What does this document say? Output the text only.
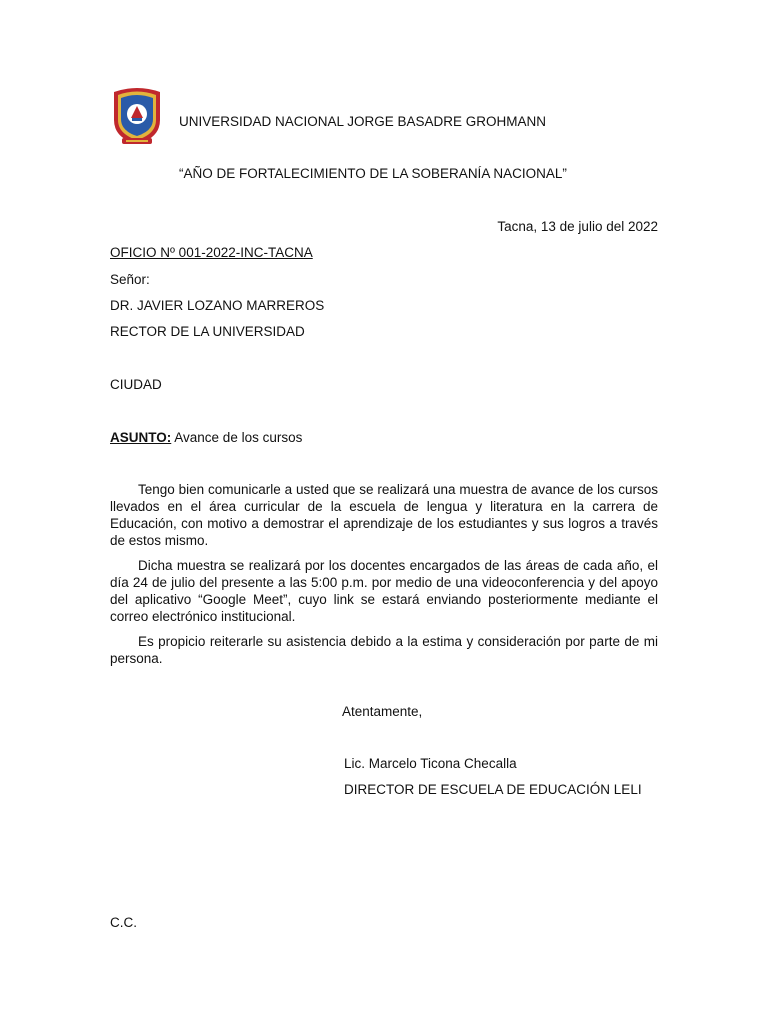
UNIVERSIDAD NACIONAL JORGE BASADRE GROHMANN
“AÑO DE FORTALECIMIENTO DE LA SOBERANÍA NACIONAL”
Tacna, 13 de julio del 2022
OFICIO Nº 001-2022-INC-TACNA
Señor:
DR. JAVIER LOZANO MARREROS
RECTOR DE LA UNIVERSIDAD
CIUDAD
ASUNTO: Avance de los cursos
Tengo bien comunicarle a usted que se realizará una muestra de avance de los cursos llevados en el área curricular de la escuela de lengua y literatura en la carrera de Educación, con motivo a demostrar el aprendizaje de los estudiantes y sus logros a través de estos mismo.
Dicha muestra se realizará por los docentes encargados de las áreas de cada año, el día 24 de julio del presente a las 5:00 p.m. por medio de una videoconferencia y del apoyo del aplicativo “Google Meet”, cuyo link se estará enviando posteriormente mediante el correo electrónico institucional.
Es propicio reiterarle su asistencia debido a la estima y consideración por parte de mi persona.
Atentamente,
Lic. Marcelo Ticona Checalla
DIRECTOR DE ESCUELA DE EDUCACIÓN LELI
C.C.
